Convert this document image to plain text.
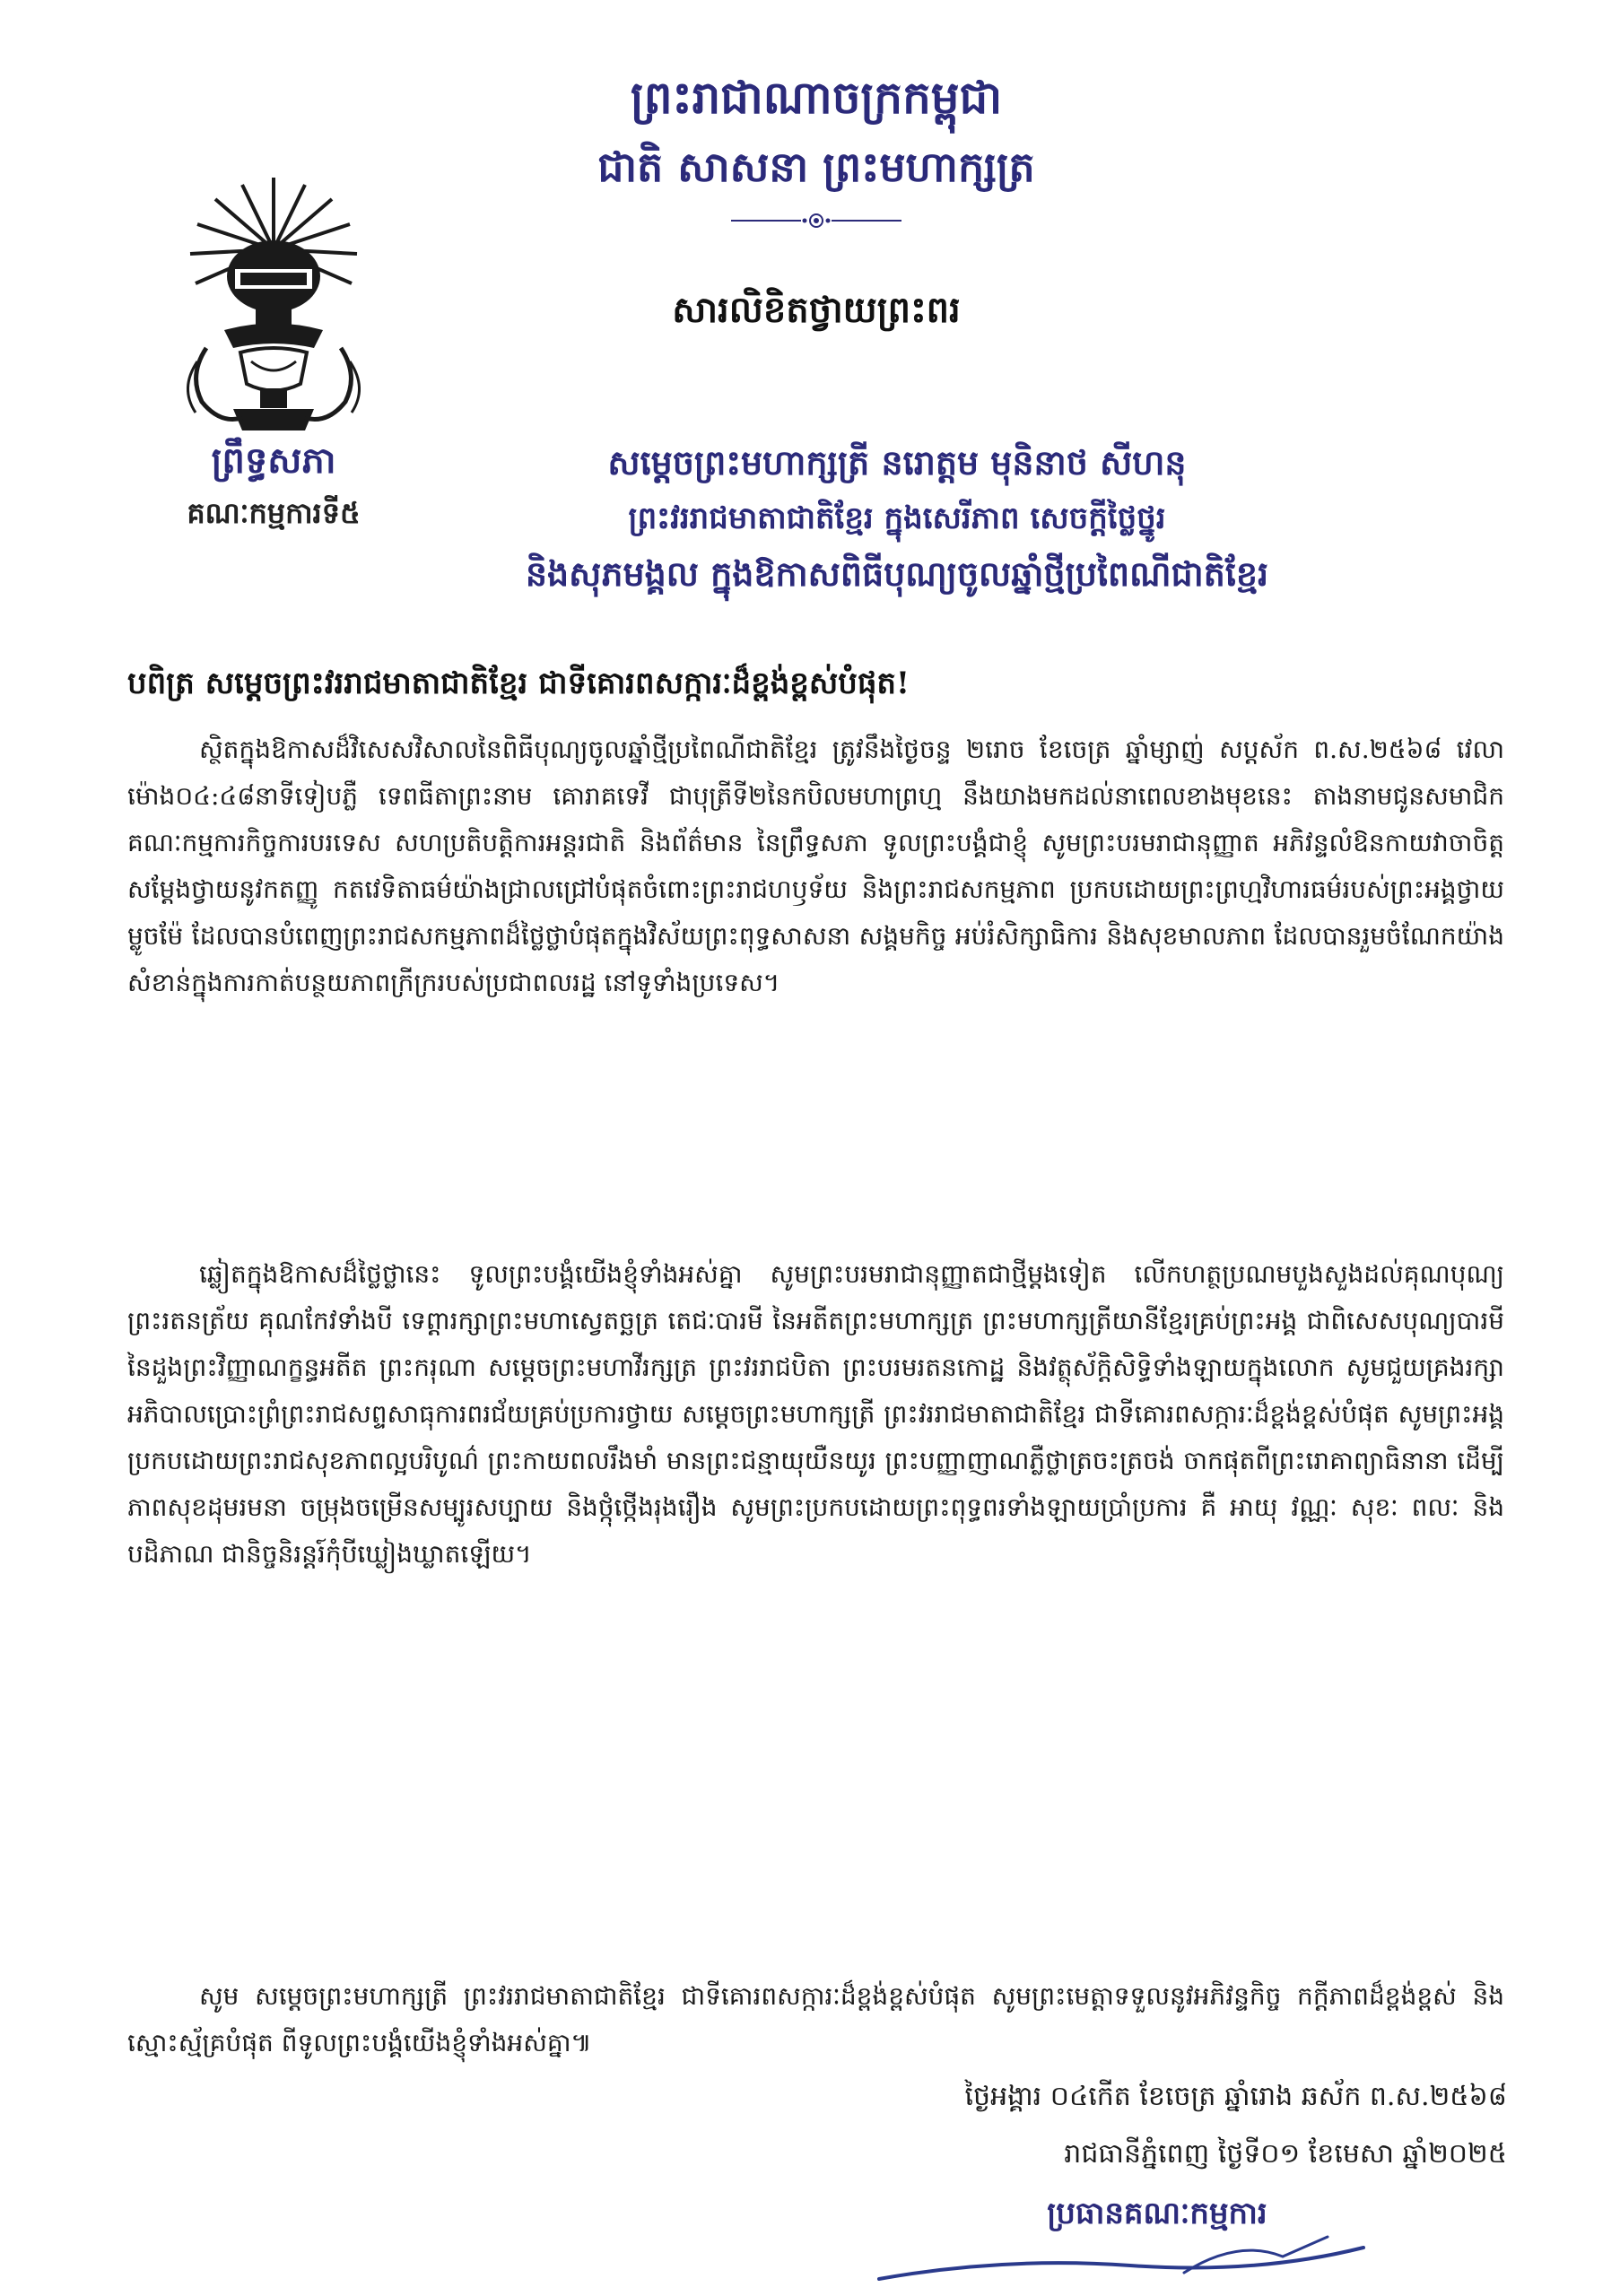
ព្រះរាជាណាចក្រកម្ពុជា
ជាតិ សាសនា ព្រះមហាក្សត្រ
សារលិខិតថ្វាយព្រះពរ
ព្រឹទ្ធសភា
គណៈកម្មការទី៥
សម្តេចព្រះមហាក្សត្រី នរោត្តម មុនិនាថ សីហនុ
ព្រះវររាជមាតាជាតិខ្មែរ ក្នុងសេរីភាព សេចក្តីថ្លៃថ្នូរ
និងសុភមង្គល ក្នុងឱកាសពិធីបុណ្យចូលឆ្នាំថ្មីប្រពៃណីជាតិខ្មែរ
បពិត្រ សម្តេចព្រះវររាជមាតាជាតិខ្មែរ ជាទីគោរពសក្ការៈដ៏ខ្ពង់ខ្ពស់បំផុត!
ស្ថិតក្នុងឱកាសដ៏វិសេសវិសាលនៃពិធីបុណ្យចូលឆ្នាំថ្មីប្រពៃណីជាតិខ្មែរ ត្រូវនឹងថ្ងៃចន្ទ ២រោច ខែចេត្រ ឆ្នាំម្សាញ់ សប្តស័ក ព.ស.២៥៦៨ វេលាម៉ោង០៤:៤៨នាទីទៀបភ្លឺ ទេពធីតាព្រះនាម គោរាគទេវី ជាបុត្រីទី២នៃកបិលមហាព្រហ្ម នឹងយាងមកដល់នាពេលខាងមុខនេះ តាងនាមជូនសមាជិកគណៈកម្មការកិច្ចការបរទេស សហប្រតិបត្តិការអន្តរជាតិ និងព័ត៌មាន នៃព្រឹទ្ធសភា ទូលព្រះបង្គំជាខ្ញុំ សូមព្រះបរមរាជានុញ្ញាត អភិវន្ទលំឱនកាយវាចាចិត្ត សម្តែងថ្វាយនូវកតញ្ញូ កតវេទិតាធម៌យ៉ាងជ្រាលជ្រៅបំផុតចំពោះព្រះរាជហឫទ័យ និងព្រះរាជសកម្មភាព ប្រកបដោយព្រះព្រហ្មវិហារធម៌របស់ព្រះអង្គថ្វាយ ម្លូចម៉ែ ដែលបានបំពេញព្រះរាជសកម្មភាពដ៏ថ្លៃថ្លាបំផុតក្នុងវិស័យព្រះពុទ្ធសាសនា សង្គមកិច្ច អប់រំសិក្សាធិការ និងសុខមាលភាព ដែលបានរួមចំណែកយ៉ាងសំខាន់ក្នុងការកាត់បន្ថយភាពក្រីក្ររបស់ប្រជាពលរដ្ឋ នៅទូទាំងប្រទេស។
ឆ្លៀតក្នុងឱកាសដ៏ថ្លៃថ្លានេះ ទូលព្រះបង្គំយើងខ្ញុំទាំងអស់គ្នា សូមព្រះបរមរាជានុញ្ញាតជាថ្មីម្តងទៀត លើកហត្ថប្រណមបួងសួងដល់គុណបុណ្យព្រះរតនត្រ័យ គុណកែវទាំងបី ទេព្តារក្សាព្រះមហាស្វេតច្ឆត្រ តេជៈបារមី នៃអតីតព្រះមហាក្សត្រ ព្រះមហាក្សត្រីយានីខ្មែរគ្រប់ព្រះអង្គ ជាពិសេសបុណ្យបារមីនៃដួងព្រះវិញ្ញាណក្ខន្ធអតីត ព្រះករុណា សម្តេចព្រះមហាវីរក្សត្រ ព្រះវររាជបិតា ព្រះបរមរតនកោដ្ឋ និងវត្ថុស័ក្តិសិទ្ធិទាំងឡាយក្នុងលោក សូមជួយគ្រងរក្សាអភិបាលប្រោះព្រំព្រះរាជសព្ទសាធុការពរជ័យគ្រប់ប្រការថ្វាយ សម្តេចព្រះមហាក្សត្រី ព្រះវររាជមាតាជាតិខ្មែរ ជាទីគោរពសក្ការៈដ៏ខ្ពង់ខ្ពស់បំផុត សូមព្រះអង្គប្រកបដោយព្រះរាជសុខភាពល្អបរិបូណ៌ ព្រះកាយពលរឹងមាំ មានព្រះជន្មាយុយឺនយូរ ព្រះបញ្ញាញាណភ្លឺថ្លាត្រចះត្រចង់ ចាកផុតពីព្រះរោគាព្យាធិនានា ដើម្បីភាពសុខដុមរមនា ចម្រុងចម្រើនសម្បូរសប្បាយ និងថ្កុំថ្កើងរុងរឿង សូមព្រះប្រកបដោយព្រះពុទ្ធពរទាំងឡាយប្រាំប្រការ គឺ អាយុ វណ្ណៈ សុខៈ ពលៈ និងបដិភាណ ជានិច្ចនិរន្តរ៍កុំបីឃ្លៀងឃ្លាតឡើយ។
សូម សម្តេចព្រះមហាក្សត្រី ព្រះវររាជមាតាជាតិខ្មែរ ជាទីគោរពសក្ការៈដ៏ខ្ពង់ខ្ពស់បំផុត សូមព្រះមេត្តាទទួលនូវអភិវន្ទកិច្ច កក្តីភាពដ៏ខ្ពង់ខ្ពស់ និងស្មោះស្ម័គ្របំផុត ពីទូលព្រះបង្គំយើងខ្ញុំទាំងអស់គ្នា៕
ថ្ងៃអង្គារ ០៤កើត ខែចេត្រ ឆ្នាំរោង ឆស័ក ព.ស.២៥៦៨
រាជធានីភ្នំពេញ ថ្ងៃទី០១ ខែមេសា ឆ្នាំ២០២៥
ប្រធានគណៈកម្មការ
